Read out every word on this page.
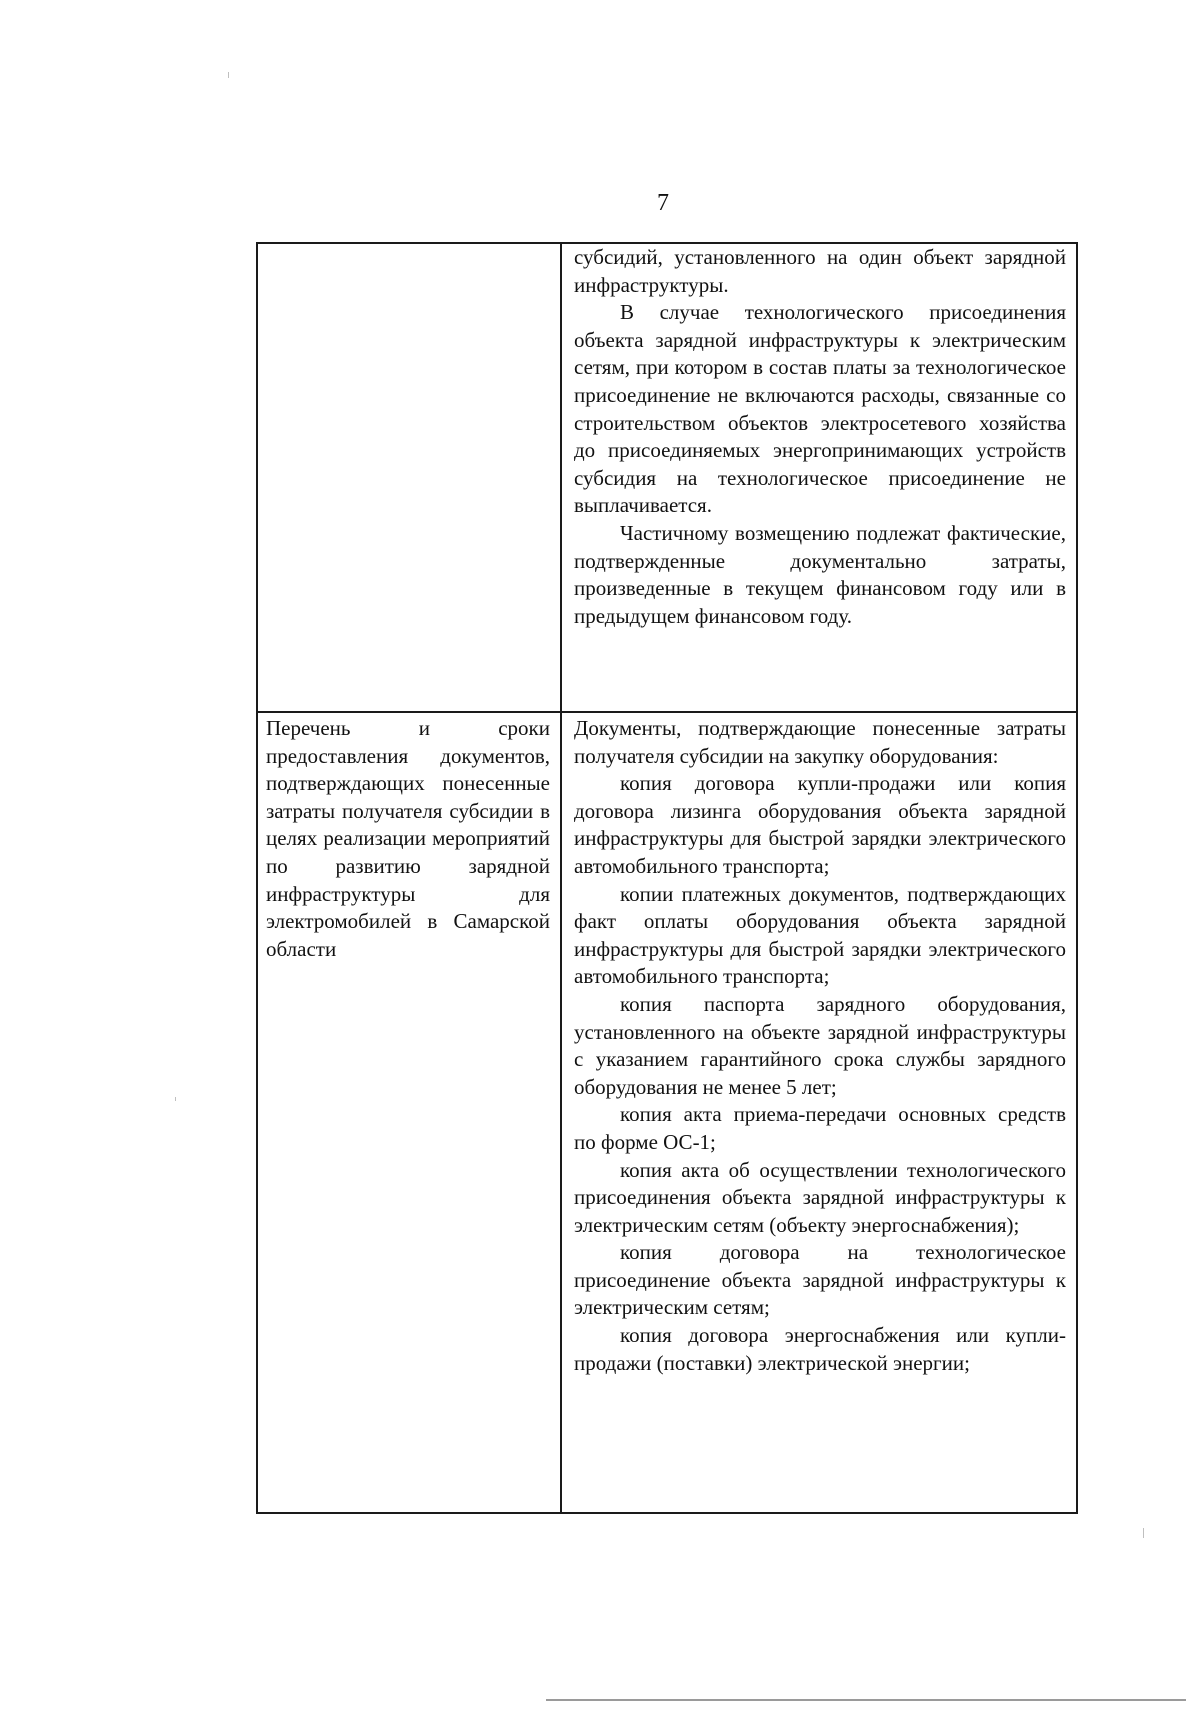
7

субсидий, установленного на один объект зарядной инфраструктуры.

В случае технологического присоединения объекта зарядной инфраструктуры к электрическим сетям, при котором в состав платы за технологическое присоединение не включаются расходы, связанные со строительством объектов электросетевого хозяйства до присоединяемых энергопринимающих устройств субсидия на технологическое присоединение не выплачивается.

Частичному возмещению подлежат фактические, подтвержденные документально затраты, произведенные в текущем финансовом году или в предыдущем финансовом году.

Перечень и сроки предоставления документов, подтверждающих понесенные затраты получателя субсидии в целях реализации мероприятий по развитию зарядной инфраструктуры для электромобилей в Самарской области

Документы, подтверждающие понесенные затраты получателя субсидии на закупку оборудования:

копия договора купли-продажи или копия договора лизинга оборудования объекта зарядной инфраструктуры для быстрой зарядки электрического автомобильного транспорта;

копии платежных документов, подтверждающих факт оплаты оборудования объекта зарядной инфраструктуры для быстрой зарядки электрического автомобильного транспорта;

копия паспорта зарядного оборудования, установленного на объекте зарядной инфраструктуры с указанием гарантийного срока службы зарядного оборудования не менее 5 лет;

копия акта приема-передачи основных средств по форме ОС-1;

копия акта об осуществлении технологического присоединения объекта зарядной инфраструктуры к электрическим сетям (объекту энергоснабжения);

копия договора на технологическое присоединение объекта зарядной инфраструктуры к электрическим сетям;

копия договора энергоснабжения или купли-продажи (поставки) электрической энергии;
